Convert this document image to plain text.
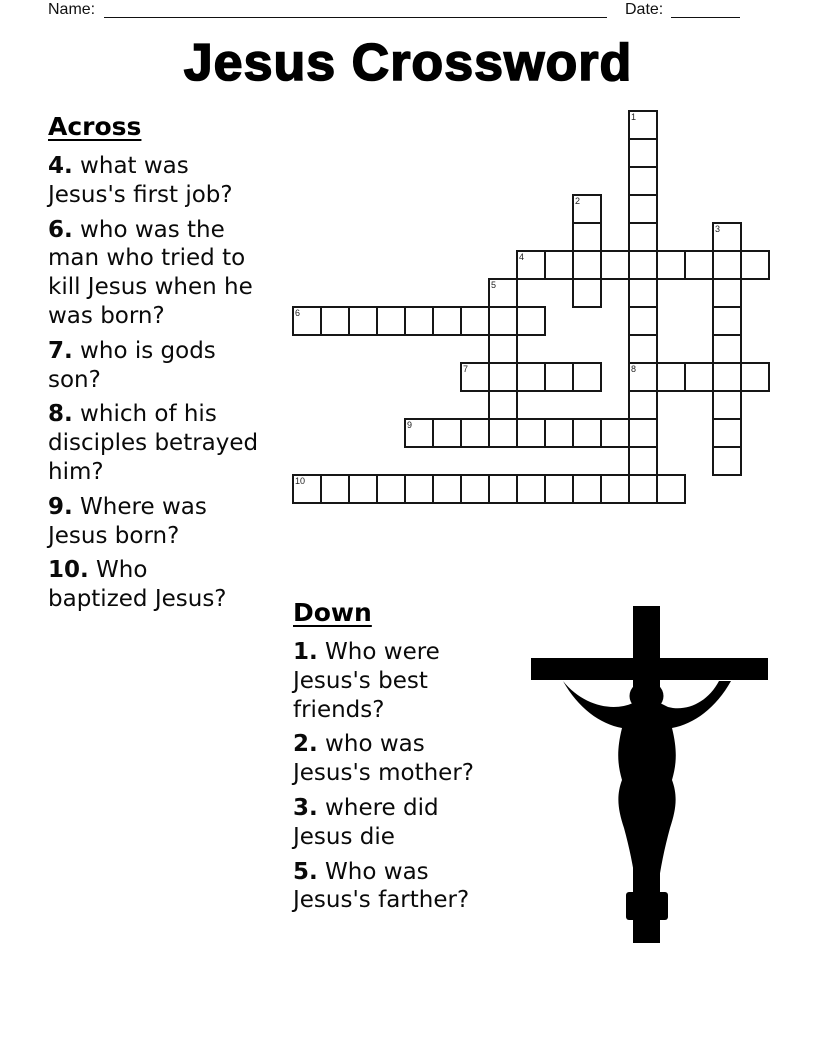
Name:	Date:
Jesus Crossword
Across
4. what was
Jesus's first job?
6. who was the
man who tried to
kill Jesus when he
was born?
7. who is gods
son?
8. which of his
disciples betrayed
him?
9. Where was
Jesus born?
10. Who
baptized Jesus?
1
8
2
3
4
5
6
7
9
10
Down
1. Who were
Jesus's best
friends?
2. who was
Jesus's mother?
3. where did
Jesus die
5. Who was
Jesus's farther?
